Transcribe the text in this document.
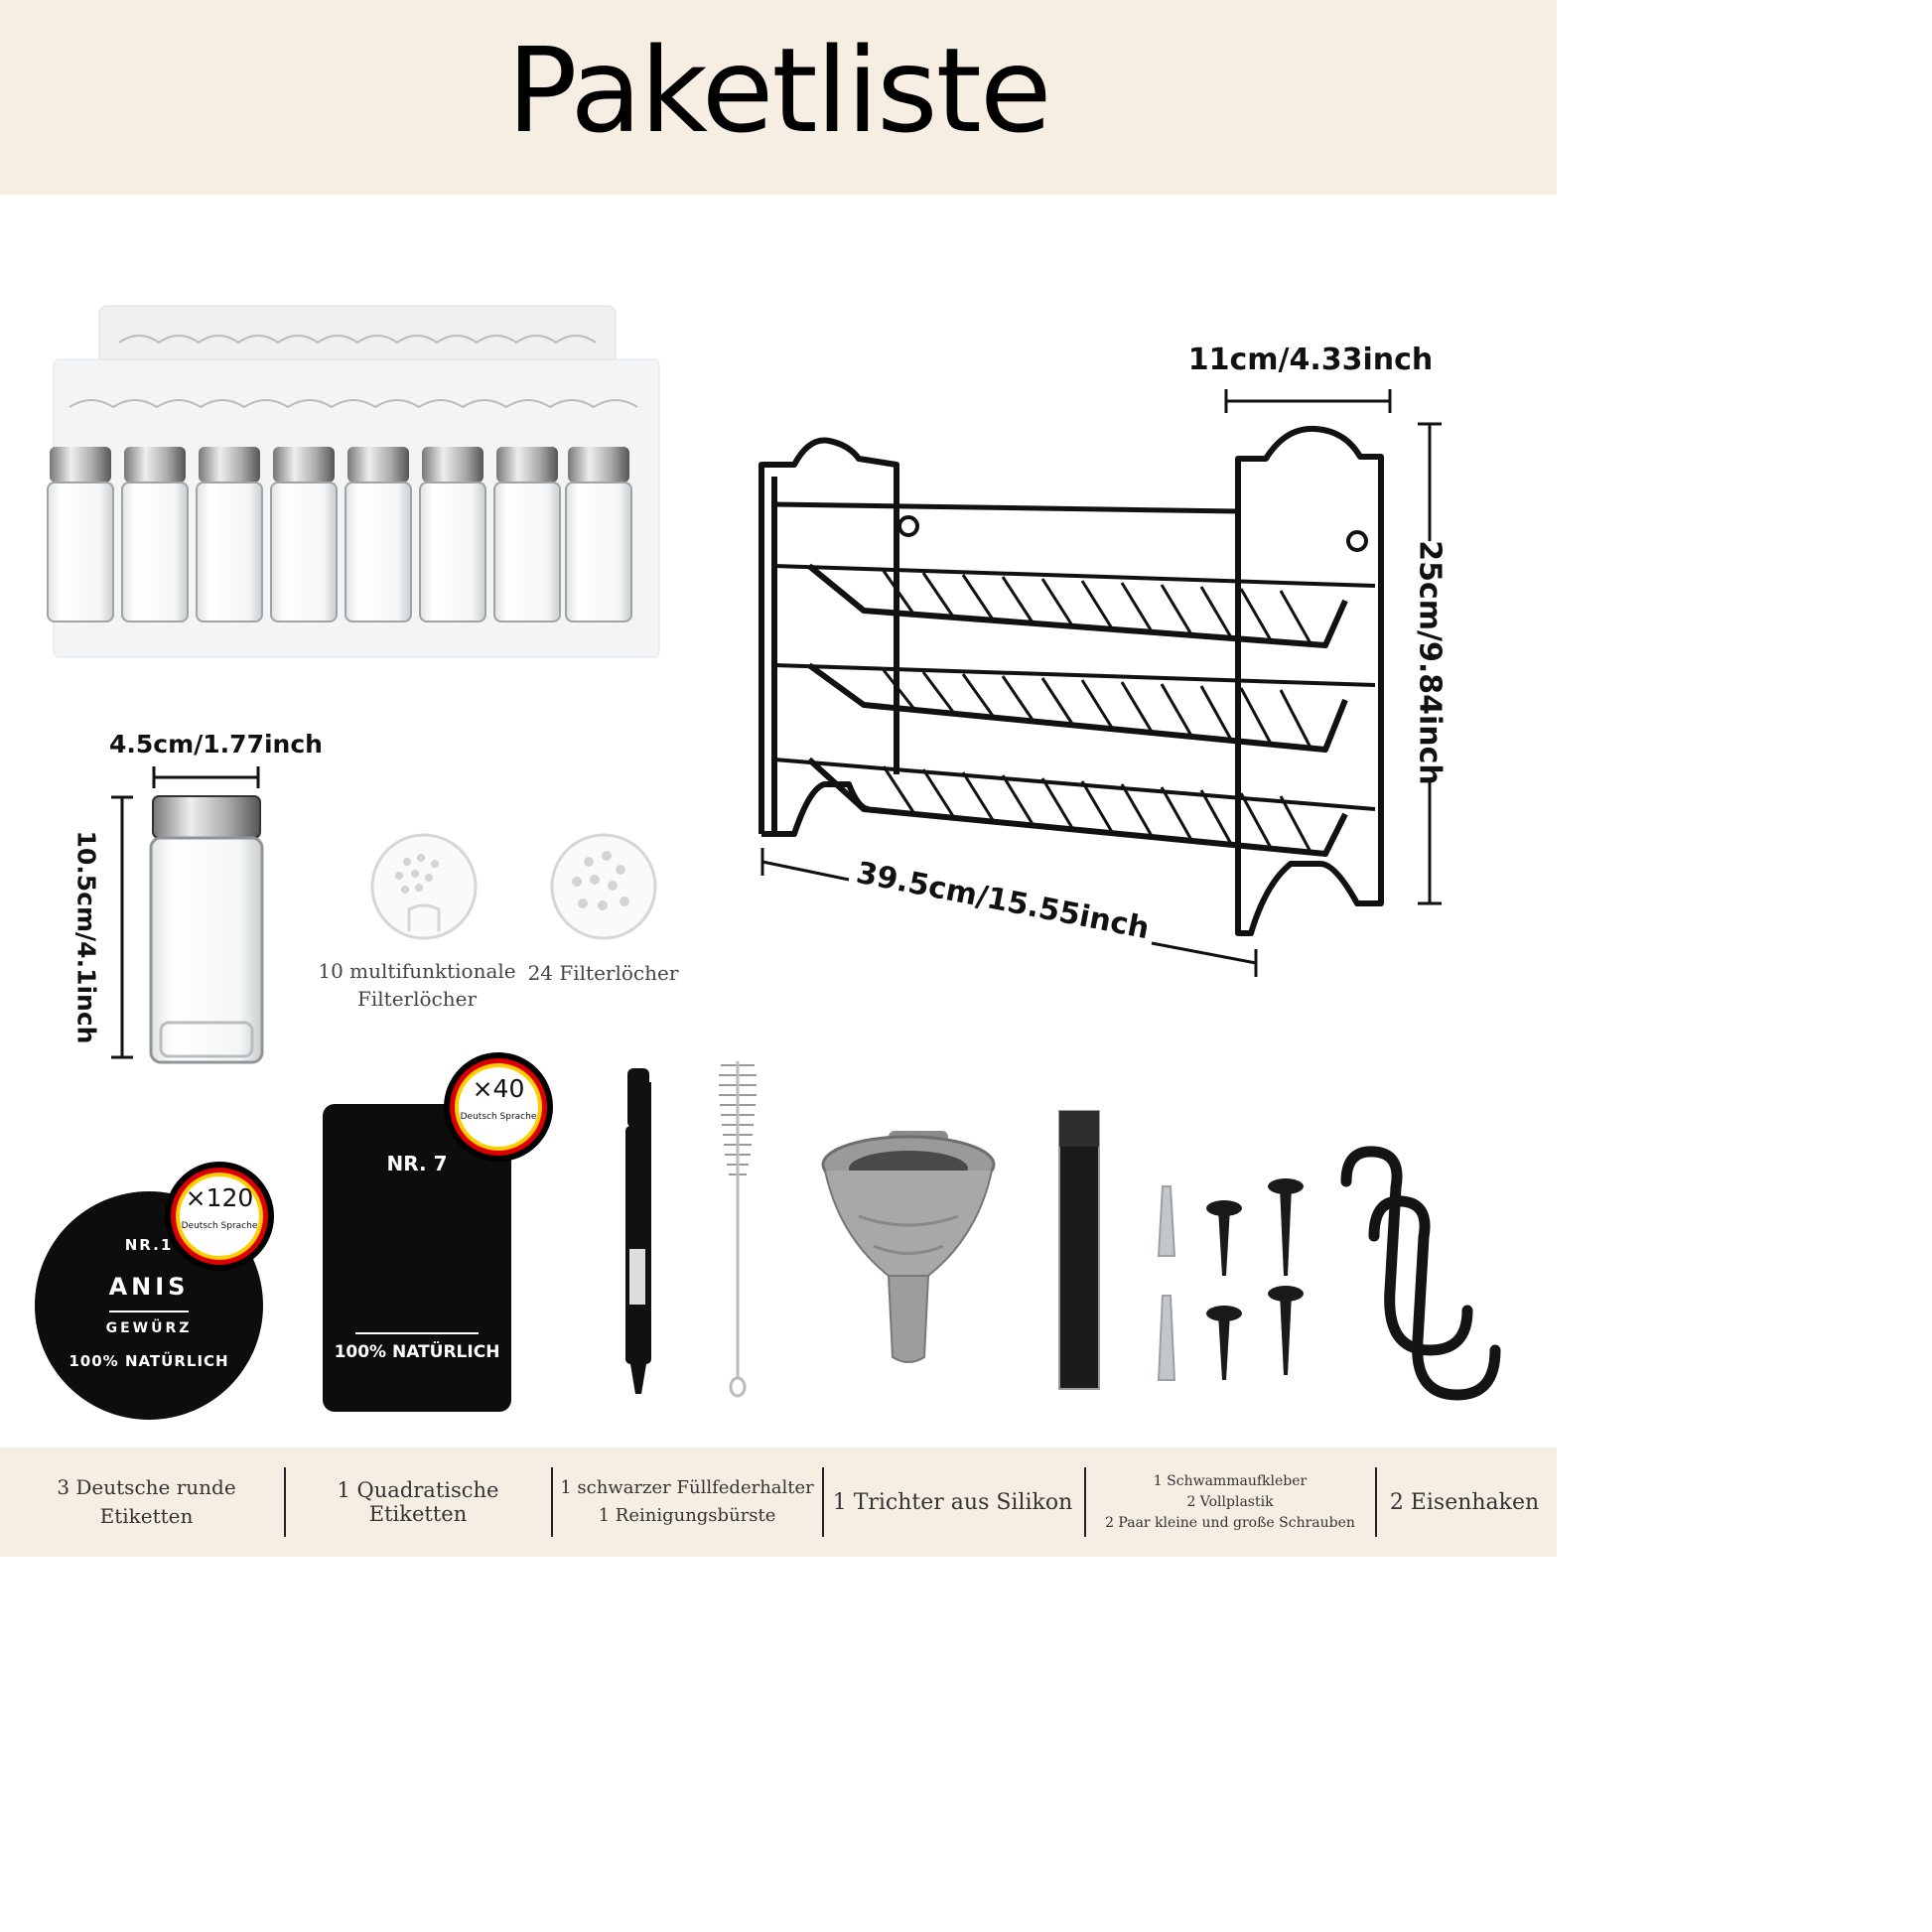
Paketliste
11cm/4.33inch
25cm/9.84inch
39.5cm/15.55inch
4.5cm/1.77inch
10.5cm/4.1inch	10 multifunktionale
Filterlöcher
24 Filterlöcher
NR.1
ANIS
GEWÜRZ
100% NATÜRLICH
×120
Deutsch Sprache
NR. 7
100% NATÜRLICH
×40
Deutsch Sprache
3 Deutsche runde
Etiketten
1 Quadratische Etiketten
1 schwarzer Füllfederhalter
1 Reinigungsbürste
1 Trichter aus Silikon
1 Schwammaufkleber
2 Vollplastik
2 Paar kleine und große Schrauben
2 Eisenhaken
